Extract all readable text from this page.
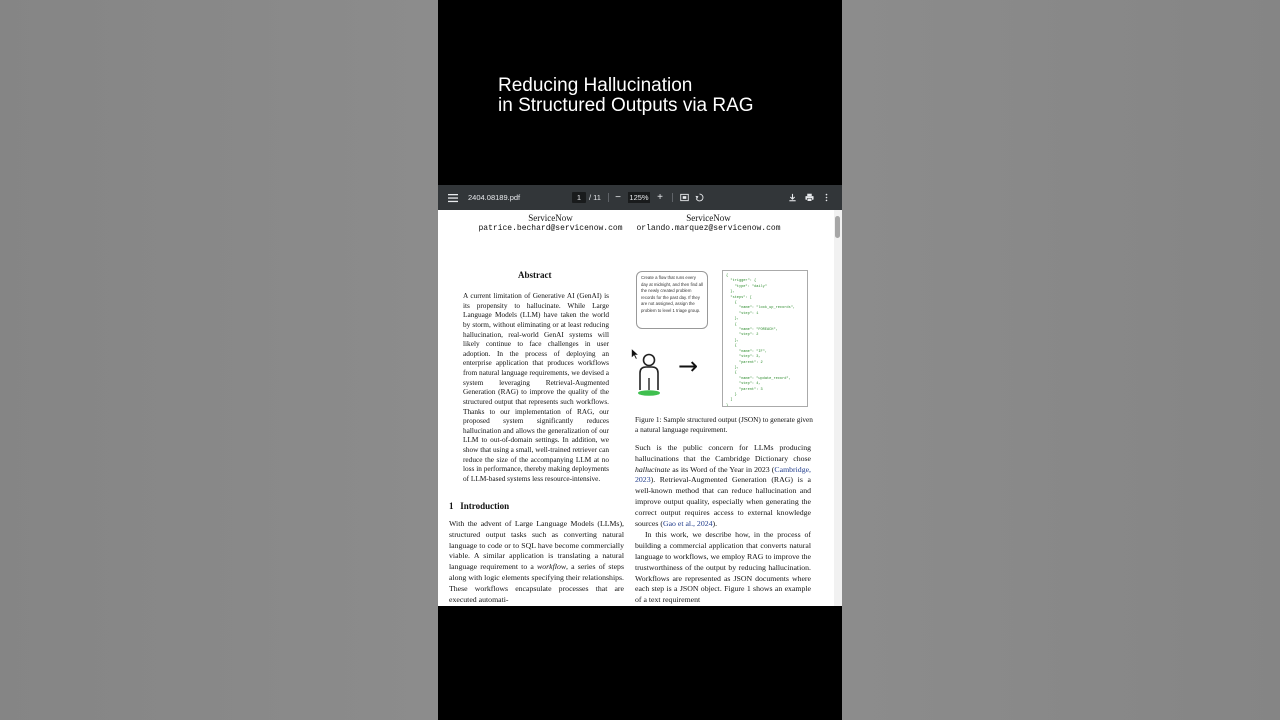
Reducing Hallucination
in Structured Outputs via RAG
2404.08189.pdf	1	/ 11	−	125% +
ServiceNow
patrice.bechard@servicenow.com
ServiceNow
orlando.marquez@servicenow.com
Abstract
A current limitation of Generative AI (GenAI) is its propensity to hallucinate. While Large Language Models (LLM) have taken the world by storm, without eliminating or at least reducing hallucination, real-world GenAI systems will likely continue to face challenges in user adoption. In the process of deploying an enterprise application that produces workflows from natural language requirements, we devised a system leveraging Retrieval-Augmented Generation (RAG) to improve the quality of the structured output that represents such workflows. Thanks to our implementation of RAG, our proposed system significantly reduces hallucination and allows the generalization of our LLM to out-of-domain settings. In addition, we show that using a small, well-trained retriever can reduce the size of the accompanying LLM at no loss in performance, thereby making deployments of LLM-based systems less resource-intensive.
1 Introduction
With the advent of Large Language Models (LLMs), structured output tasks such as converting natural language to code or to SQL have become commercially viable. A similar application is translating a natural language requirement to a workflow, a series of steps along with logic elements specifying their relationships. These workflows encapsulate processes that are executed automati-
Create a flow that runs every day at midnight, and then find all the newly created problem records for the past day. If they are not assigned, assign the problem to level 1 triage group.
→
{
"trigger": {
"type": "daily"
},
"steps": [
{
"name": "look_up_records",
"step": 1
},
{
"name": "FOREACH",
"step": 2
},
{
"name": "IF",
"step": 3,
"parent": 2
},
{
"name": "update_record",
"step": 4,
"parent": 3
}
]
}
Figure 1: Sample structured output (JSON) to generate given a natural language requirement.

Such is the public concern for LLMs producing hallucinations that the Cambridge Dictionary chose hallucinate as its Word of the Year in 2023 (Cambridge, 2023). Retrieval-Augmented Generation (RAG) is a well-known method that can reduce hallucination and improve output quality, especially when generating the correct output requires access to external knowledge sources (Gao et al., 2024).

In this work, we describe how, in the process of building a commercial application that converts natural language to workflows, we employ RAG to improve the trustworthiness of the output by reducing hallucination. Workflows are represented as JSON documents where each step is a JSON object. Figure 1 shows an example of a text requirement
